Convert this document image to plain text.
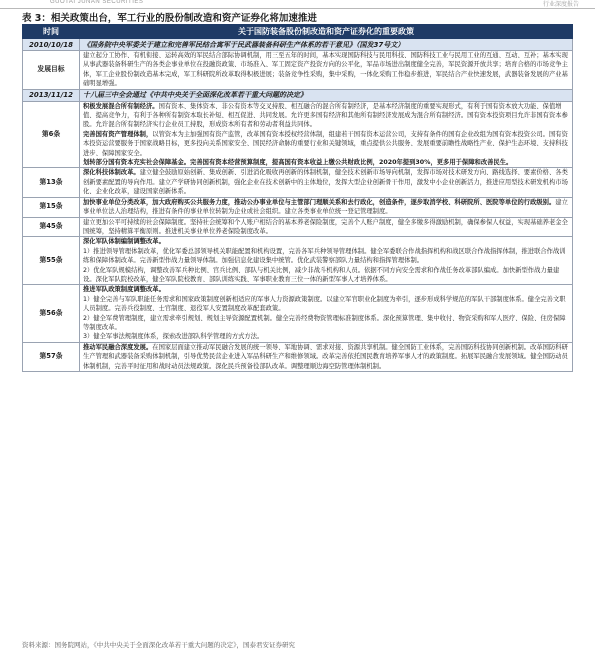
GUOTAI JUNAN SECURITIES	行业深度报告
表 3：相关政策出台，军工行业的股份制改造和资产证券化将加速推进
时间	关于国防装备股份制改造和资产证券化的重要政策
2010/10/18	《国务院中央军委关于建立和完善军民结合寓军于民武器装备科研生产体系的若干意见》（国发37号文）
发展目标	建立起分工协作、有机衔接、运转高效的军民结合部际协调机制，用三至五年的时间，基本实现国防科技与民用科技、国防科技工业与民用工业的互通、互动、互补；基本实现从事武器装备科研生产的各类企事业单位在投融资政策、市场准入、军工固定资产投资方向的公平化，军品市场进出制度健全完善，军民资源开放共享；培育合格的市场竞争主体，军工企业股份制改造基本完成，军工科研院所改革取得积极进展；装备竞争性采购，集中采购，一体化采购工作稳步推进，军民结合产业快速发展，武器装备发展的产业基础明显增强。

2013/11/12	十八届三中全会通过《中共中央关于全面深化改革若干重大问题的决定》
第6条	积极发展混合所有制经济。国有资本、集体资本、非公有资本等交叉持股、相互融合的混合所有制经济，是基本经济制度的重要实现形式，有利于国有资本放大功能、保值增值、提高竞争力，有利于各种所有制资本取长补短、相互促进、共同发展。允许更多国有经济和其他所有制经济发展成为混合所有制经济。国有资本投资项目允许非国有资本参股。允许混合所有制经济实行企业员工持股，形成资本所有者和劳动者利益共同体。
完善国有资产管理体制，以管资本为主加强国有资产监管，改革国有资本授权经营体制，组建若干国有资本运营公司，支持有条件的国有企业改组为国有资本投资公司。国有资本投资运营要服务于国家战略目标，更多投向关系国家安全、国民经济命脉的重要行业和关键领域，重点提供公共服务、发展重要前瞻性战略性产业、保护生态环境、支持科技进步、保障国家安全。
划转部分国有资本充实社会保障基金。完善国有资本经营预算制度，提高国有资本收益上缴公共财政比例，2020年提到30%，更多用于保障和改善民生。

第13条	深化科技体制改革。建立健全鼓励原始创新、集成创新、引进消化吸收再创新的体制机制，健全技术创新市场导向机制，发挥市场对技术研发方向、路线选择、要素价格、各类创新要素配置的导向作用。建立产学研协同创新机制，强化企业在技术创新中的主体地位，发挥大型企业创新骨干作用，激发中小企业创新活力，推进应用型技术研发机构市场化、企业化改革，建设国家创新体系。

第15条	加快事业单位分类改革，加大政府购买公共服务力度，推动公办事业单位与主管部门理顺关系和去行政化，创造条件，逐步取消学校、科研院所、医院等单位的行政级别。建立事业单位法人治理结构，推进有条件的事业单位转制为企业或社会组织。建立各类事业单位统一登记管理制度。

第45条	建立更加公平可持续的社会保障制度。坚持社会统筹和个人账户相结合的基本养老保险制度，完善个人账户制度，健全多缴多得激励机制，确保参保人权益，实现基础养老金全国统筹，坚持精算平衡原则。推进机关事业单位养老保险制度改革。

第55条	深化军队体制编制调整改革。
1）推进领导管理体制改革，优化军委总部领导机关职能配置和机构设置，完善各军兵种领导管理体制。健全军委联合作战指挥机构和战区联合作战指挥体制，推进联合作战训练和保障体制改革。完善新型作战力量领导体制。加强信息化建设集中统管。优化武装警察部队力量结构和指挥管理体制。
2）优化军队规模结构，调整改善军兵种比例、官兵比例、部队与机关比例，减少非战斗机构和人员。依据不同方向安全需求和作战任务改革部队编成。加快新型作战力量建设。深化军队院校改革，健全军队院校教育、部队训练实践、军事职业教育三位一体的新型军事人才培养体系。

第56条	推进军队政策制度调整改革。
1）健全完善与军队职能任务需求和国家政策制度创新相适应的军事人力资源政策制度。以建立军官职业化制度为牵引，逐步形成科学规范的军队干部制度体系。健全完善文职人员制度。完善兵役制度、士官制度、退役军人安置制度改革配套政策。
2）健全军费管理制度，建立需求牵引规划、规划主导资源配置机制。健全完善经费物资管理标准制度体系。深化预算管理、集中收付、物资采购和军人医疗、保险、住房保障等制度改革。
3）健全军事法规制度体系，探索改进部队科学管理的方式方法。

第57条	推动军民融合深度发展。在国家层面建立推动军民融合发展的统一领导、军地协调、需求对接、资源共享机制。健全国防工业体系，完善国防科技协同创新机制。改革国防科研生产管理和武器装备采购体制机制，引导优势民营企业进入军品科研生产和维修领域。改革完善依托国民教育培养军事人才的政策制度。拓展军民融合发展领域。健全国防动员体制机制，完善平时征用和战时动员法规政策。深化民兵预备役部队改革。调整理顺边海空防管理体制机制。
资料来源：国务院网站，《中共中央关于全面深化改革若干重大问题的决定》，国泰君安证券研究
